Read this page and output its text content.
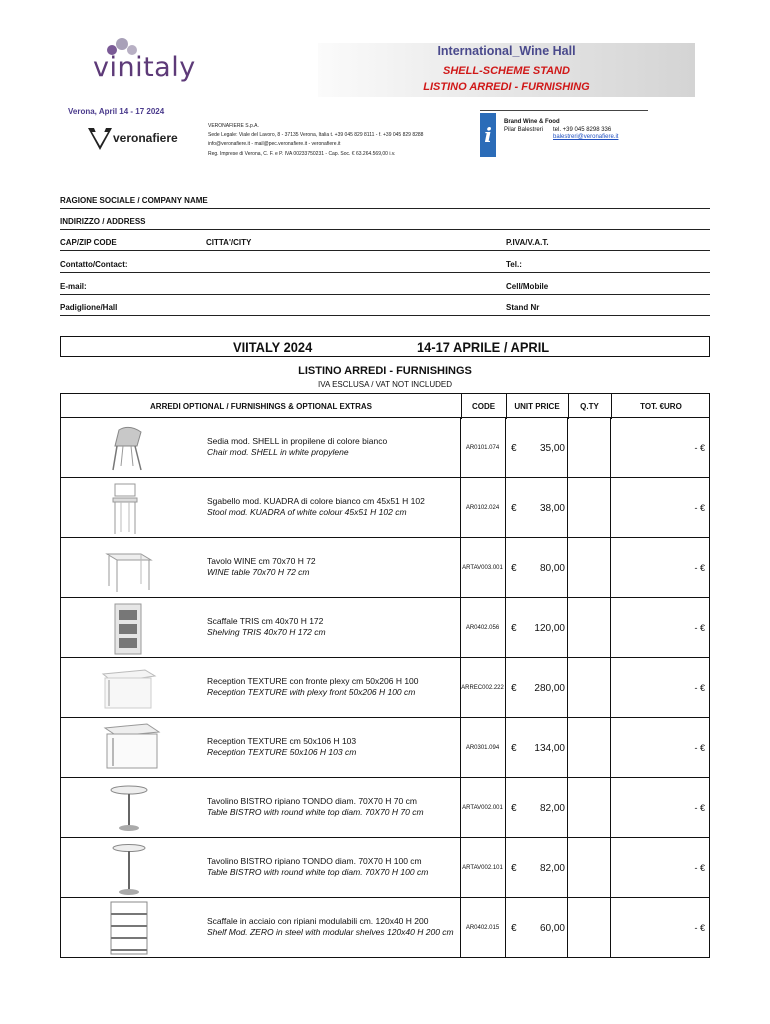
vinitaly
International_Wine Hall
SHELL-SCHEME STAND
LISTINO ARREDI - FURNISHING
Verona, April 14 - 17 2024
veronafiere
VERONAFIERE S.p.A.
Sede Legale: Viale del Lavoro, 8 - 37135 Verona, Italia t. +39 045 829 8111 - f. +39 045 829 8288
info@veronafiere.it - mail@pec.veronafiere.it - veronafiere.it
Reg. Imprese di Verona, C. F. e P. IVA 00233750231 - Cap. Soc. € 63.264.569,00 i.v.
i
Brand Wine & Food
Pilar Balestreri tel. +39 045 8298 336
balestreri@veronafiere.it
RAGIONE SOCIALE / COMPANY NAME
INDIRIZZO / ADDRESS
CAP/ZIP CODE	CITTA'/CITY	P.IVA/V.A.T.
Contatto/Contact:	Tel.:
E-mail:	Cell/Mobile
Padiglione/Hall	Stand Nr
VIITALY 2024	14-17 APRILE / APRIL
LISTINO ARREDI - FURNISHINGS
IVA ESCLUSA / VAT NOT INCLUDED
ARREDI OPTIONAL / FURNISHINGS & OPTIONAL EXTRAS	CODE	UNIT PRICE	Q.TY	TOT. €URO
Sedia mod. SHELL in propilene di colore bianco
Chair mod. SHELL in white propylene	AR0101.074	€	35,00	- €
Sgabello mod. KUADRA di colore bianco cm 45x51 H 102
Stool mod. KUADRA of white colour 45x51 H 102 cm	AR0102.024	€	38,00	- €
Tavolo WINE cm 70x70 H 72
WINE table 70x70 H 72 cm	ARTAV003.001 €	80,00	- €
Scaffale TRIS cm 40x70 H 172
Shelving TRIS 40x70 H 172 cm	AR0402.056	€	120,00	- €
Reception TEXTURE con fronte plexy cm 50x206 H 100
Reception TEXTURE with plexy front 50x206 H 100 cm	ARREC002.222 €	280,00	- €
Reception TEXTURE cm 50x106 H 103
Reception TEXTURE 50x106 H 103 cm	AR0301.094	€	134,00	- €
Tavolino BISTRO ripiano TONDO diam. 70X70 H 70 cm
Table BISTRO with round white top diam. 70X70 H 70 cm	ARTAV002.001 €	82,00	- €
Tavolino BISTRO ripiano TONDO diam. 70X70 H 100 cm
Table BISTRO with round white top diam. 70X70 H 100 cm	ARTAV002.101 €	82,00	- €
Scaffale in acciaio con ripiani modulabili cm. 120x40 H 200
Shelf Mod. ZERO in steel with modular shelves 120x40 H 200 cm	AR0402.015	€	60,00	- €
